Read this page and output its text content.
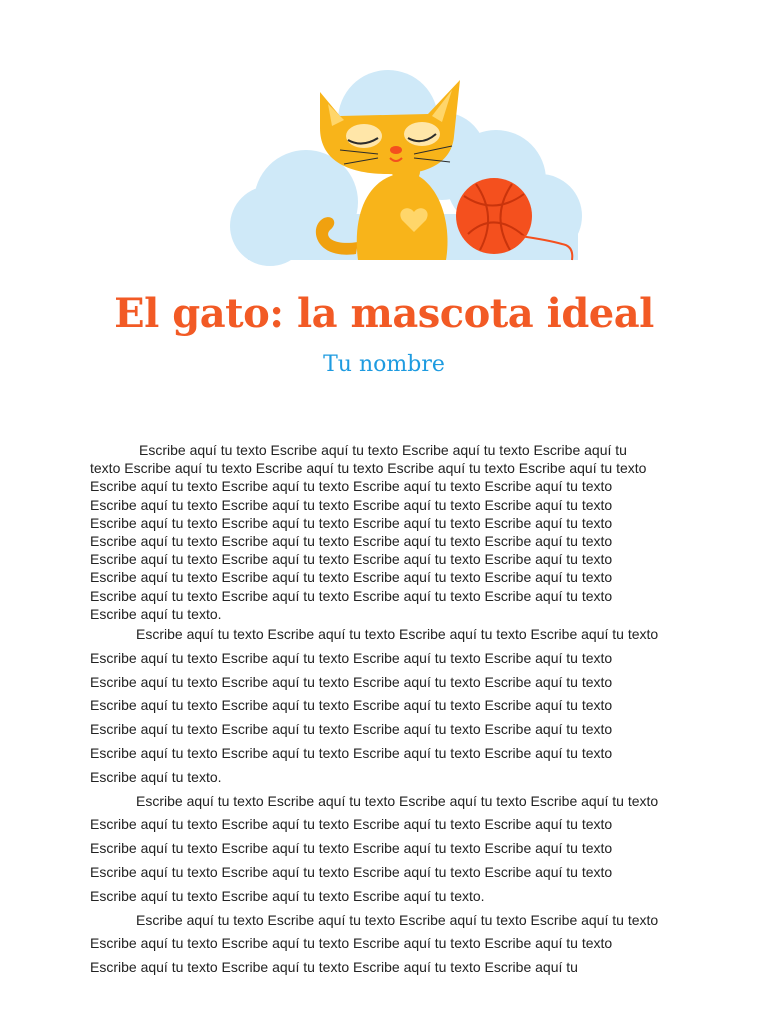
El gato: la mascota ideal
Tu nombre

Escribe aquí tu texto Escribe aquí tu texto Escribe aquí tu texto Escribe aquí tu texto Escribe aquí tu texto Escribe aquí tu texto Escribe aquí tu texto Escribe aquí tu texto Escribe aquí tu texto Escribe aquí tu texto Escribe aquí tu texto Escribe aquí tu texto Escribe aquí tu texto Escribe aquí tu texto Escribe aquí tu texto Escribe aquí tu texto Escribe aquí tu texto Escribe aquí tu texto Escribe aquí tu texto Escribe aquí tu texto Escribe aquí tu texto Escribe aquí tu texto Escribe aquí tu texto Escribe aquí tu texto Escribe aquí tu texto Escribe aquí tu texto Escribe aquí tu texto Escribe aquí tu texto Escribe aquí tu texto Escribe aquí tu texto Escribe aquí tu texto Escribe aquí tu texto Escribe aquí tu texto Escribe aquí tu texto Escribe aquí tu texto Escribe aquí tu texto Escribe aquí tu texto.

Escribe aquí tu texto Escribe aquí tu texto Escribe aquí tu texto Escribe aquí tu texto Escribe aquí tu texto Escribe aquí tu texto Escribe aquí tu texto Escribe aquí tu texto Escribe aquí tu texto Escribe aquí tu texto Escribe aquí tu texto Escribe aquí tu texto Escribe aquí tu texto Escribe aquí tu texto Escribe aquí tu texto Escribe aquí tu texto Escribe aquí tu texto Escribe aquí tu texto Escribe aquí tu texto Escribe aquí tu texto Escribe aquí tu texto Escribe aquí tu texto Escribe aquí tu texto Escribe aquí tu texto Escribe aquí tu texto.

Escribe aquí tu texto Escribe aquí tu texto Escribe aquí tu texto Escribe aquí tu texto Escribe aquí tu texto Escribe aquí tu texto Escribe aquí tu texto Escribe aquí tu texto Escribe aquí tu texto Escribe aquí tu texto Escribe aquí tu texto Escribe aquí tu texto Escribe aquí tu texto Escribe aquí tu texto Escribe aquí tu texto Escribe aquí tu texto Escribe aquí tu texto Escribe aquí tu texto Escribe aquí tu texto.

Escribe aquí tu texto Escribe aquí tu texto Escribe aquí tu texto Escribe aquí tu texto Escribe aquí tu texto Escribe aquí tu texto Escribe aquí tu texto Escribe aquí tu texto Escribe aquí tu texto Escribe aquí tu texto Escribe aquí tu texto Escribe aquí tu
